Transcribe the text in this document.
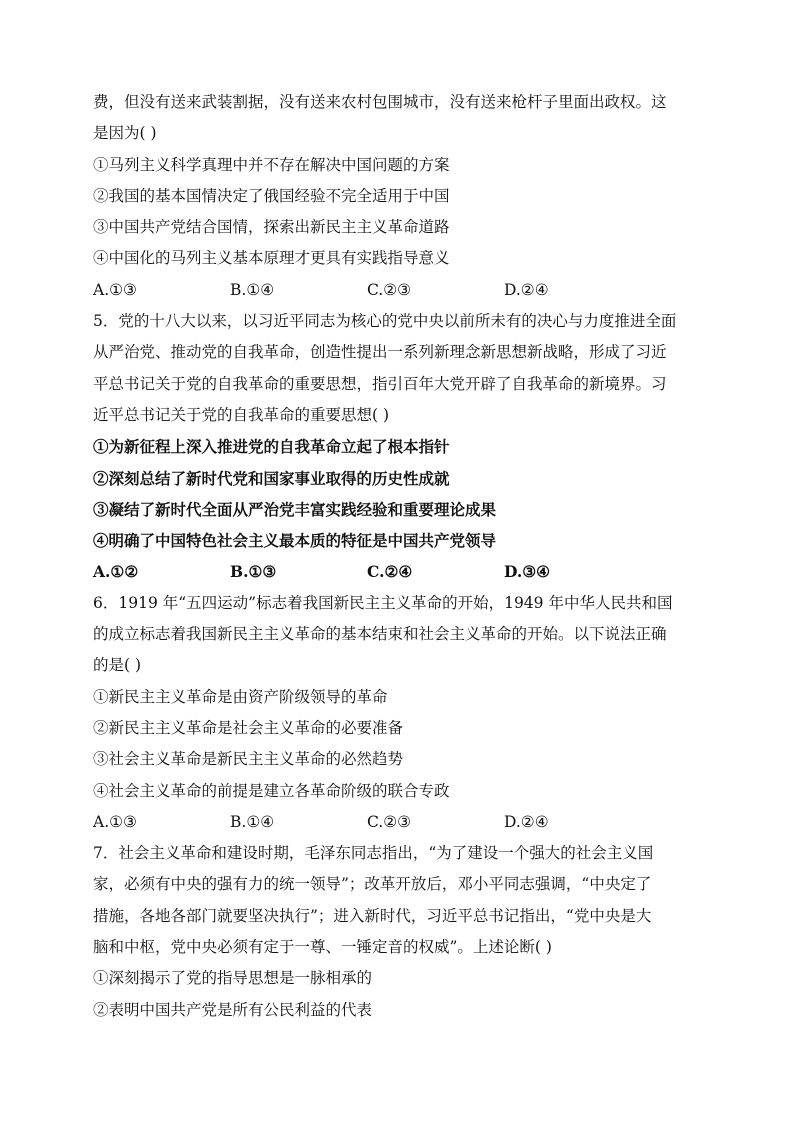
费，但没有送来武装割据，没有送来农村包围城市，没有送来枪杆子里面出政权。这
是因为( )
①马列主义科学真理中并不存在解决中国问题的方案
②我国的基本国情决定了俄国经验不完全适用于中国
③中国共产党结合国情，探索出新民主主义革命道路
④中国化的马列主义基本原理才更具有实践指导意义
A.①③	B.①④	C.②③	D.②④
5．党的十八大以来，以习近平同志为核心的党中央以前所未有的决心与力度推进全面
从严治党、推动党的自我革命，创造性提出一系列新理念新思想新战略，形成了习近
平总书记关于党的自我革命的重要思想，指引百年大党开辟了自我革命的新境界。习
近平总书记关于党的自我革命的重要思想( )
①为新征程上深入推进党的自我革命立起了根本指针
②深刻总结了新时代党和国家事业取得的历史性成就
③凝结了新时代全面从严治党丰富实践经验和重要理论成果
④明确了中国特色社会主义最本质的特征是中国共产党领导
A.①②	B.①③	C.②④	D.③④
6．1919 年“五四运动”标志着我国新民主主义革命的开始，1949 年中华人民共和国
的成立标志着我国新民主主义革命的基本结束和社会主义革命的开始。以下说法正确
的是( )
①新民主主义革命是由资产阶级领导的革命
②新民主主义革命是社会主义革命的必要准备
③社会主义革命是新民主主义革命的必然趋势
④社会主义革命的前提是建立各革命阶级的联合专政
A.①③	B.①④	C.②③	D.②④
7．社会主义革命和建设时期，毛泽东同志指出，“为了建设一个强大的社会主义国
家，必须有中央的强有力的统一领导”；改革开放后，邓小平同志强调，“中央定了
措施，各地各部门就要坚决执行”；进入新时代，习近平总书记指出，“党中央是大
脑和中枢，党中央必须有定于一尊、一锤定音的权威”。上述论断( )
①深刻揭示了党的指导思想是一脉相承的
②表明中国共产党是所有公民利益的代表
